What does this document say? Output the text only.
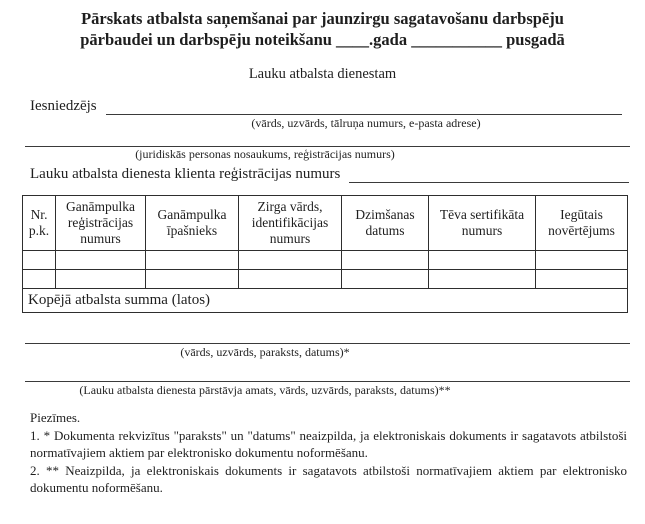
Pārskats atbalsta saņemšanai par jaunzirgu sagatavošanu darbspēju
pārbaudei un darbspēju noteikšanu ____.gada ___________ pusgadā
Lauku atbalsta dienestam
Iesniedzējs
(vārds, uzvārds, tālruņa numurs, e-pasta adrese)
(juridiskās personas nosaukums, reģistrācijas numurs)
Lauku atbalsta dienesta klienta reģistrācijas numurs
Nr. p.k.	Ganāmpulka reģistrācijas numurs	Ganāmpulka īpašnieks	Zirga vārds, identifikācijas numurs	Dzimšanas datums	Tēva sertifikāta numurs	Iegūtais novērtējums

Kopējā atbalsta summa (latos)						
(vārds, uzvārds, paraksts, datums)*
(Lauku atbalsta dienesta pārstāvja amats, vārds, uzvārds, paraksts, datums)**
Piezīmes.

1. * Dokumenta rekvizītus "paraksts" un "datums" neaizpilda, ja elektroniskais dokuments ir sagatavots atbilstoši normatīvajiem aktiem par elektronisko dokumentu noformēšanu.

2. ** Neaizpilda, ja elektroniskais dokuments ir sagatavots atbilstoši normatīvajiem aktiem par elektronisko dokumentu noformēšanu.
